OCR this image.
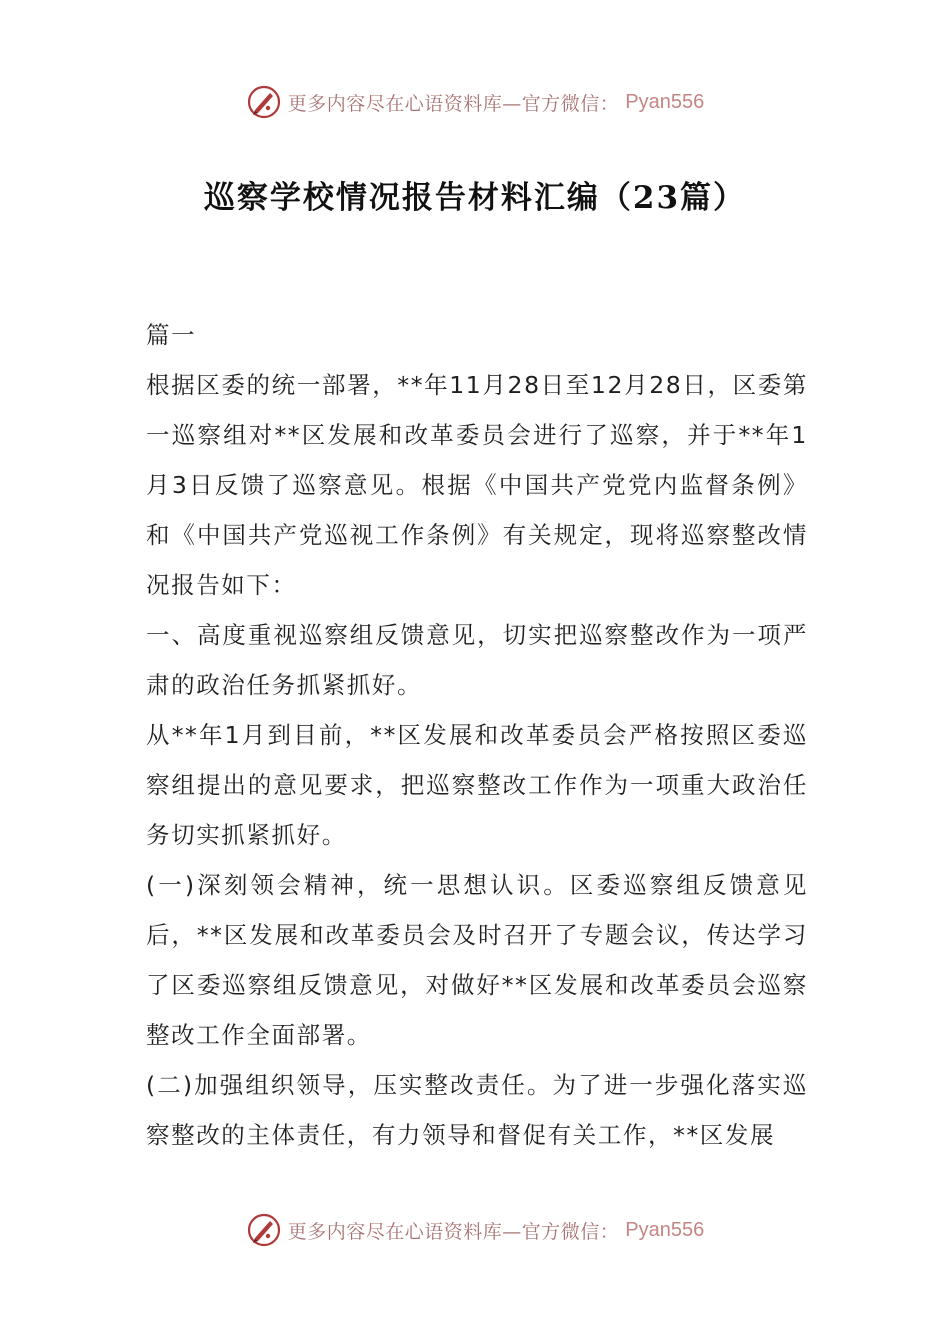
更多内容尽在心语资料库—官方微信： Pyan556
巡察学校情况报告材料汇编（23篇）

篇一

根据区委的统一部署，**年11月28日至12月28日，区委第一巡察组对**区发展和改革委员会进行了巡察，并于**年1月3日反馈了巡察意见。根据《中国共产党党内监督条例》和《中国共产党巡视工作条例》有关规定，现将巡察整改情况报告如下：

一、高度重视巡察组反馈意见，切实把巡察整改作为一项严肃的政治任务抓紧抓好。

从**年1月到目前，**区发展和改革委员会严格按照区委巡察组提出的意见要求，把巡察整改工作作为一项重大政治任务切实抓紧抓好。

(一)深刻领会精神，统一思想认识。区委巡察组反馈意见后，**区发展和改革委员会及时召开了专题会议，传达学习了区委巡察组反馈意见，对做好**区发展和改革委员会巡察整改工作全面部署。

(二)加强组织领导，压实整改责任。为了进一步强化落实巡察整改的主体责任，有力领导和督促有关工作，**区发展

更多内容尽在心语资料库—官方微信： Pyan556
